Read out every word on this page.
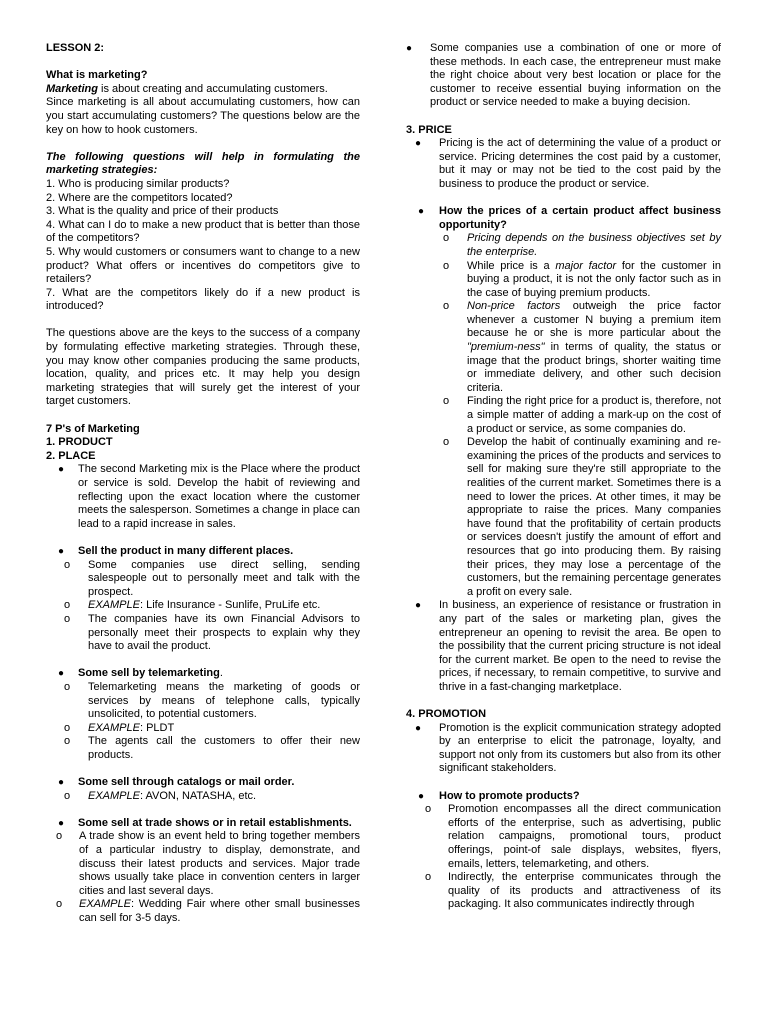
LESSON 2:

What is marketing?

Marketing is about creating and accumulating customers.

Since marketing is all about accumulating customers, how can you start accumulating customers? The questions below are the key on how to hook customers.

The following questions will help in formulating the marketing strategies:

1. Who is producing similar products?

2. Where are the competitors located?

3. What is the quality and price of their products

4. What can I do to make a new product that is better than those of the competitors?

5. Why would customers or consumers want to change to a new product? What offers or incentives do competitors give to retailers?

7. What are the competitors likely do if a new product is introduced?

The questions above are the keys to the success of a company by formulating effective marketing strategies. Through these, you may know other companies producing the same products, location, quality, and prices etc. It may help you design marketing strategies that will surely get the interest of your target customers.

7 P's of Marketing

1. PRODUCT

2. PLACE

● The second Marketing mix is the Place where the product or service is sold. Develop the habit of reviewing and reflecting upon the exact location where the customer meets the salesperson. Sometimes a change in place can lead to a rapid increase in sales.

● Sell the product in many different places.

o Some companies use direct selling, sending salespeople out to personally meet and talk with the prospect.

o EXAMPLE: Life Insurance - Sunlife, PruLife etc.

o The companies have its own Financial Advisors to personally meet their prospects to explain why they have to avail the product.

● Some sell by telemarketing.

o Telemarketing means the marketing of goods or services by means of telephone calls, typically unsolicited, to potential customers.

o EXAMPLE: PLDT

o The agents call the customers to offer their new products.

● Some sell through catalogs or mail order.

o EXAMPLE: AVON, NATASHA, etc.

● Some sell at trade shows or in retail establishments.

o A trade show is an event held to bring together members of a particular industry to display, demonstrate, and discuss their latest products and services. Major trade shows usually take place in convention centers in larger cities and last several days.

o EXAMPLE: Wedding Fair where other small businesses can sell for 3-5 days.

● Some companies use a combination of one or more of these methods. In each case, the entrepreneur must make the right choice about very best location or place for the customer to receive essential buying information on the product or service needed to make a buying decision.

3. PRICE

● Pricing is the act of determining the value of a product or service. Pricing determines the cost paid by a customer, but it may or may not be tied to the cost paid by the business to produce the product or service.

● How the prices of a certain product affect business opportunity?

o Pricing depends on the business objectives set by the enterprise.

o While price is a major factor for the customer in buying a product, it is not the only factor such as in the case of buying premium products.

o Non-price factors outweigh the price factor whenever a customer N buying a premium item because he or she is more particular about the "premium-ness" in terms of quality, the status or image that the product brings, shorter waiting time or immediate delivery, and other such decision criteria.

o Finding the right price for a product is, therefore, not a simple matter of adding a mark-up on the cost of a product or service, as some companies do.

o Develop the habit of continually examining and re-examining the prices of the products and services to sell for making sure they're still appropriate to the realities of the current market. Sometimes there is a need to lower the prices. At other times, it may be appropriate to raise the prices. Many companies have found that the profitability of certain products or services doesn't justify the amount of effort and resources that go into producing them. By raising their prices, they may lose a percentage of the customers, but the remaining percentage generates a profit on every sale.

● In business, an experience of resistance or frustration in any part of the sales or marketing plan, gives the entrepreneur an opening to revisit the area. Be open to the possibility that the current pricing structure is not ideal for the current market. Be open to the need to revise the prices, if necessary, to remain competitive, to survive and thrive in a fast-changing marketplace.

4. PROMOTION

● Promotion is the explicit communication strategy adopted by an enterprise to elicit the patronage, loyalty, and support not only from its customers but also from its other significant stakeholders.

● How to promote products?

o Promotion encompasses all the direct communication efforts of the enterprise, such as advertising, public relation campaigns, promotional tours, product offerings, point-of sale displays, websites, flyers, emails, letters, telemarketing, and others.

o Indirectly, the enterprise communicates through the quality of its products and attractiveness of its packaging. It also communicates indirectly through
